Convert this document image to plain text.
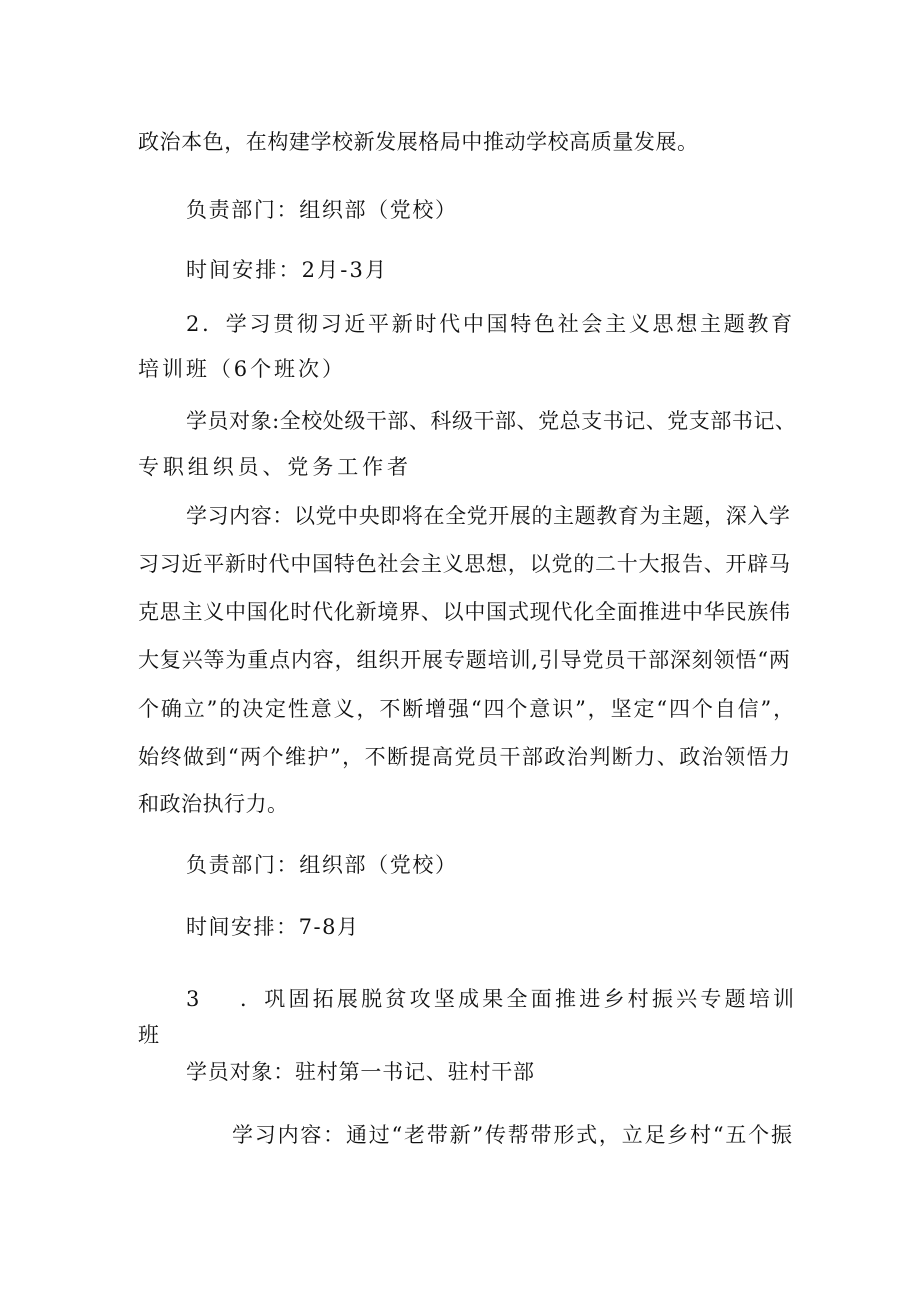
政治本色，在构建学校新发展格局中推动学校高质量发展。
负责部门：组织部（党校）
时间安排：2月-3月
2．学习贯彻习近平新时代中国特色社会主义思想主题教育
培训班（6个班次）
学员对象:全校处级干部、科级干部、党总支书记、党支部书记、
专职组织员、党务工作者
学习内容：以党中央即将在全党开展的主题教育为主题，深入学
习习近平新时代中国特色社会主义思想，以党的二十大报告、开辟马
克思主义中国化时代化新境界、以中国式现代化全面推进中华民族伟
大复兴等为重点内容，组织开展专题培训,引导党员干部深刻领悟“两
个确立”的决定性意义，不断增强“四个意识”，坚定“四个自信”，
始终做到“两个维护”，不断提高党员干部政治判断力、政治领悟力
和政治执行力。
负责部门：组织部（党校）
时间安排：7-8月
3	．巩固拓展脱贫攻坚成果全面推进乡村振兴专题培训
班
学员对象：驻村第一书记、驻村干部
学习内容：通过“老带新”传帮带形式，立足乡村“五个振
